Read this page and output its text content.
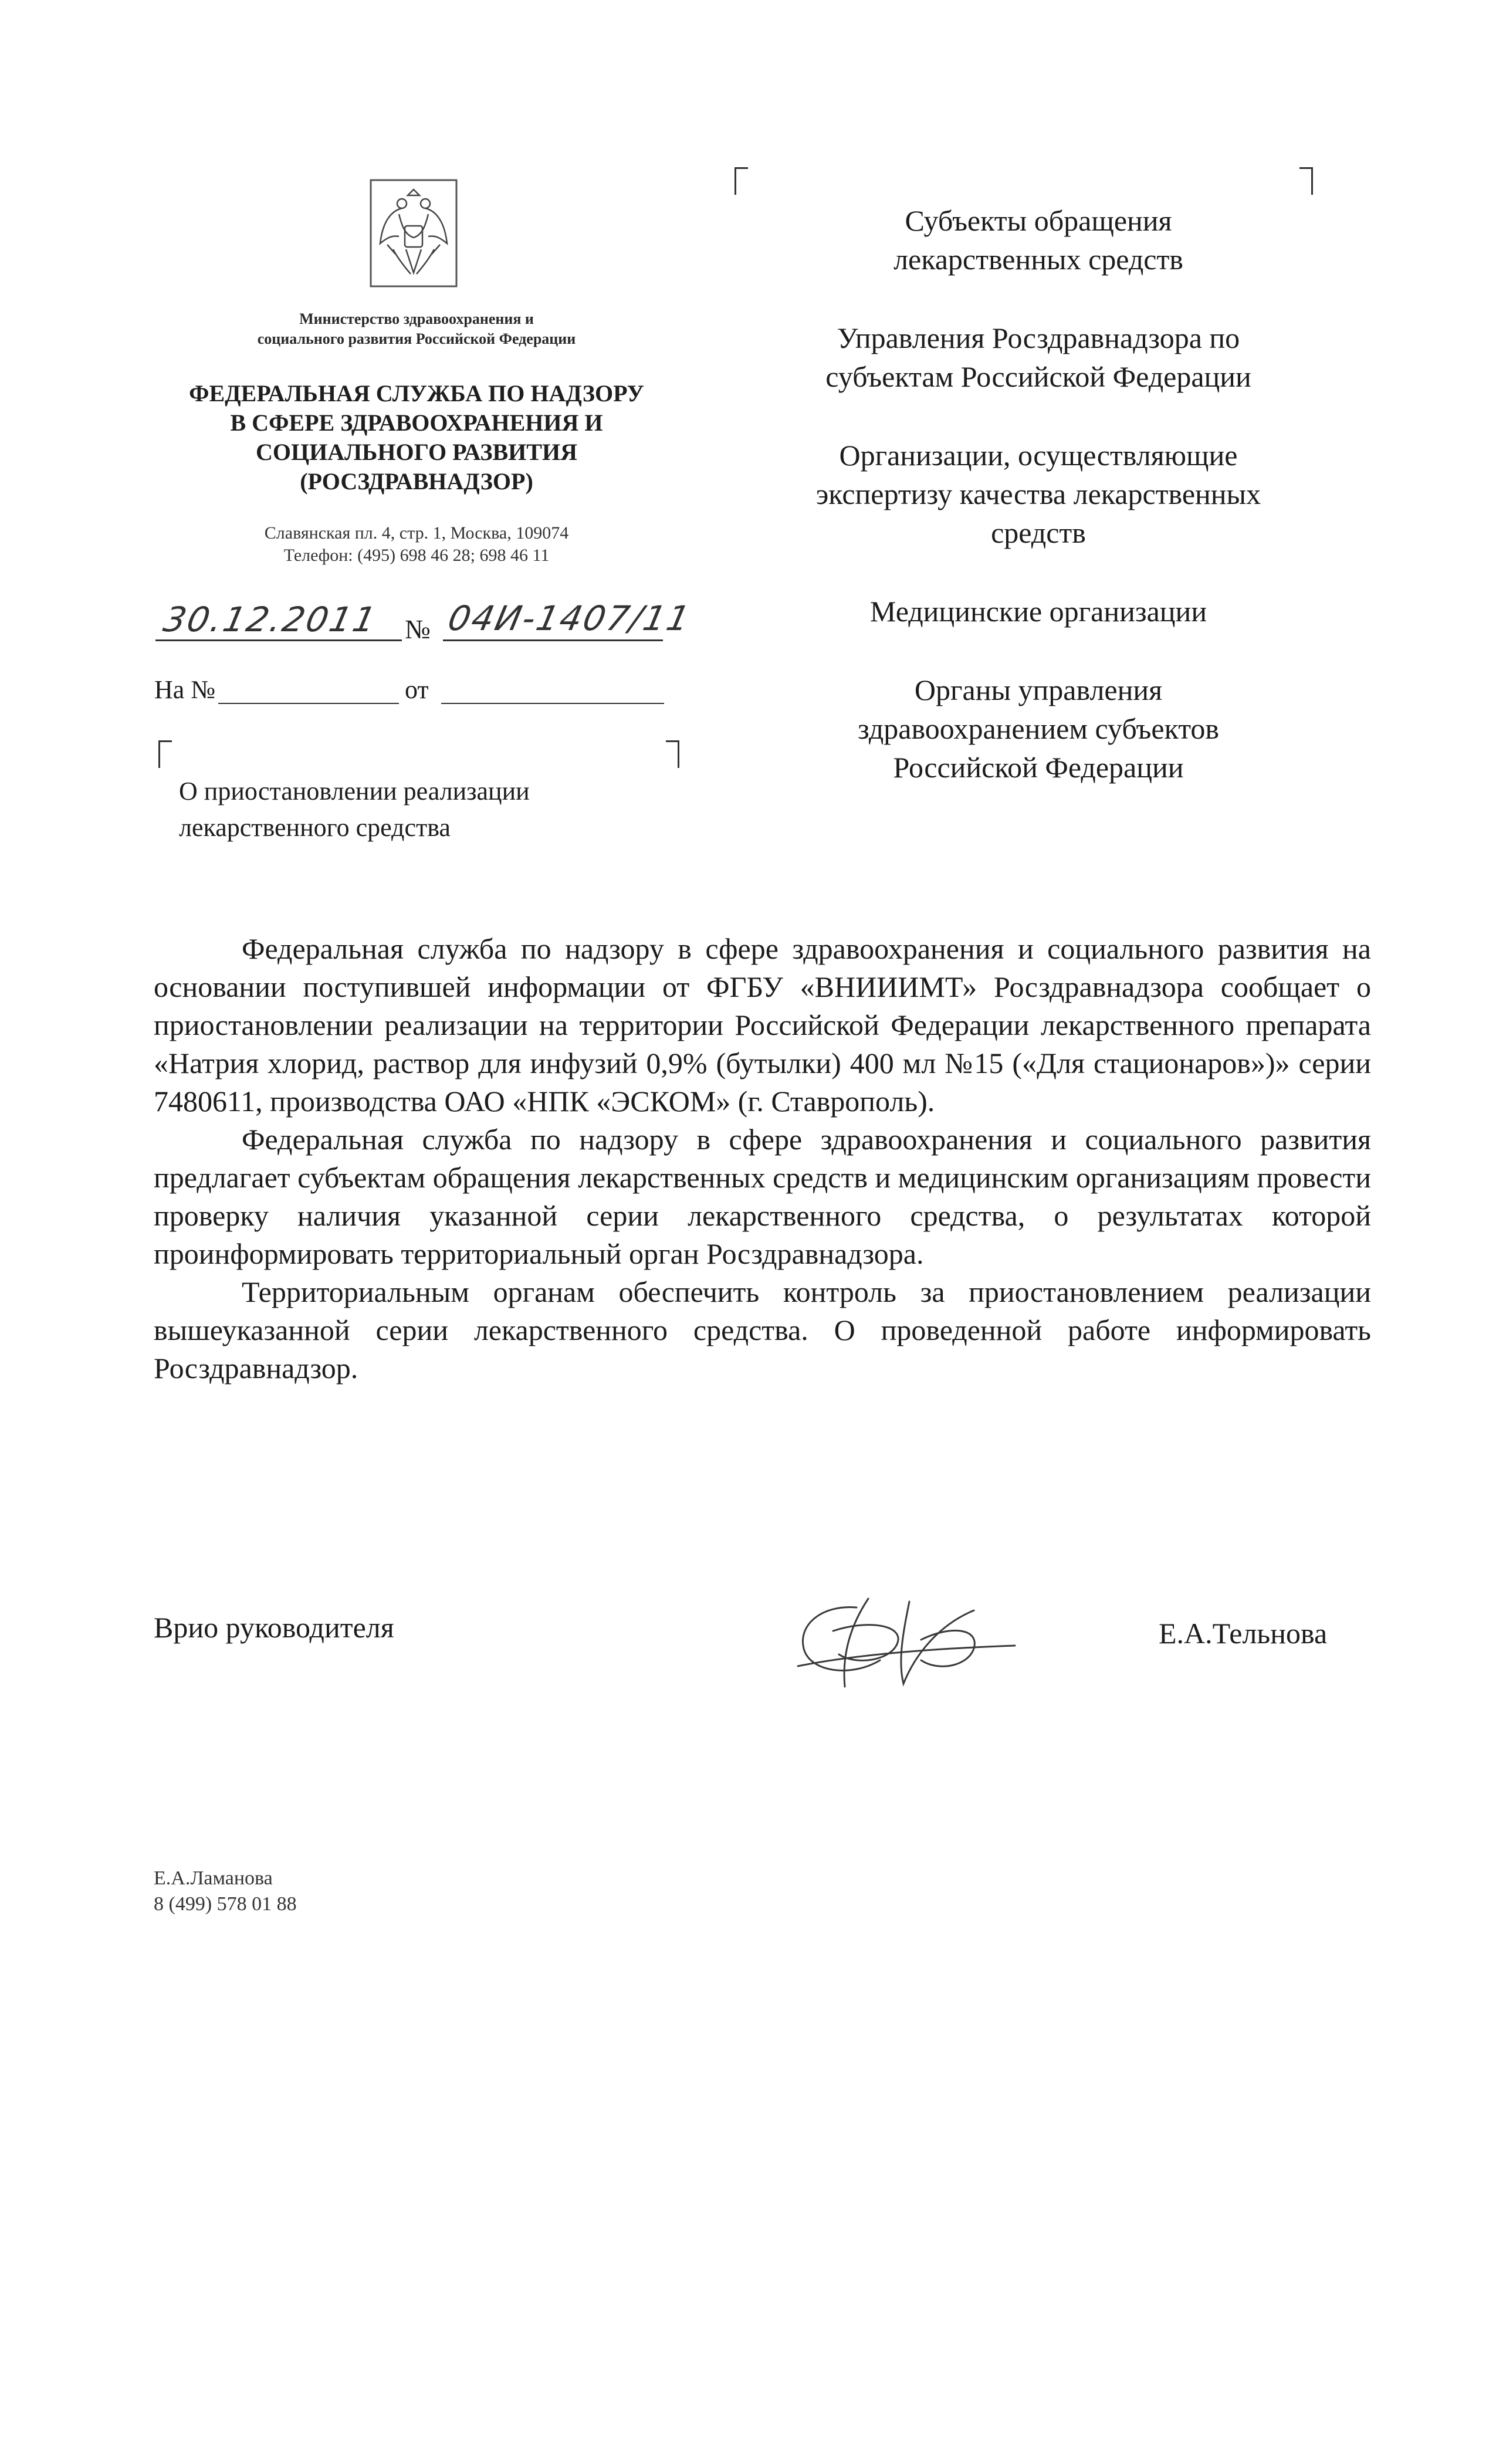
Министерство здравоохранения и
социального развития Российской Федерации
ФЕДЕРАЛЬНАЯ СЛУЖБА ПО НАДЗОРУ
В СФЕРЕ ЗДРАВООХРАНЕНИЯ И
СОЦИАЛЬНОГО РАЗВИТИЯ
(РОСЗДРАВНАДЗОР)
Славянская пл. 4, стр. 1, Москва, 109074
Телефон: (495) 698 46 28; 698 46 11
30.12.2011 № 04И-1407/11
На №	от
О приостановлении реализации
лекарственного средства
Субъекты обращения
лекарственных средств
Управления Росздравнадзора по
субъектам Российской Федерации
Организации, осуществляющие
экспертизу качества лекарственных
средств
Медицинские организации
Органы управления
здравоохранением субъектов
Российской Федерации

Федеральная служба по надзору в сфере здравоохранения и социального развития на основании поступившей информации от ФГБУ «ВНИИИМТ» Росздравнадзора сообщает о приостановлении реализации на территории Российской Федерации лекарственного препарата «Натрия хлорид, раствор для инфузий 0,9% (бутылки) 400 мл №15 («Для стационаров»)» серии 7480611, производства ОАО «НПК «ЭСКОМ» (г. Ставрополь).

Федеральная служба по надзору в сфере здравоохранения и социального развития предлагает субъектам обращения лекарственных средств и медицинским организациям провести проверку наличия указанной серии лекарственного средства, о результатах которой проинформировать территориальный орган Росздравнадзора.

Территориальным органам обеспечить контроль за приостановлением реализации вышеуказанной серии лекарственного средства. О проведенной работе информировать Росздравнадзор.

Врио руководителя	Е.А.Тельнова
Е.А.Ламанова
8 (499) 578 01 88
